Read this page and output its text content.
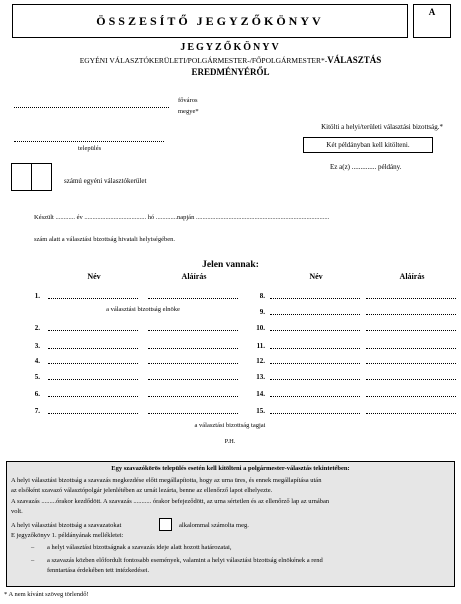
ÖSSZESÍTŐ JEGYZŐKÖNYV
A
JEGYZŐKÖNYV
EGYÉNI VÁLASZTÓKERÜLETI/POLGÁRMESTER-/FŐPOLGÁRMESTER*-VÁLASZTÁS
EREDMÉNYÉRŐL
főváros
megye*
Kitölti a helyi/területi választási bizottság.*
település	Két példányban kell kitölteni.
Ez a(z) .............. példány.
számú egyéni választókerület
Készült ............ év ...................................... hó .............napján ..................................................................................
szám alatt a választási bizottság hivatali helyiségében.
Jelen vannak:
Név	Aláírás	Név	Aláírás
1.
2.
3.
4.
5.
6.
7.
8.
9.
10.
11.
12.
13.
14.
15.
a választási bizottság elnöke
a választási bizottság tagjai
P.H.
Egy szavazókörös település esetén kell kitölteni a polgármester-választás tekintetében:
A helyi választási bizottság a szavazás megkezdése előtt megállapította, hogy az urna üres, és ennek megállapítása után
az elsőként szavazó választópolgár jelenlétében az urnát lezárta, benne az ellenőrző lapot elhelyezte.
A szavazás .........órakor kezdődött. A szavazás ........... órakor befejeződött, az urna sértetlen és az ellenőrző lap az urnában
volt.
A helyi választási bizottság a szavazatokat	alkalommal számolta meg.
E jegyzőkönyv 1. példányának mellékletei:
– a helyi választási bizottságnak a szavazás ideje alatt hozott határozatai,
– a szavazás közben előfordult fontosabb események, valamint a helyi választási bizottság elnökének a rend
fenntartása érdekében tett intézkedései.
* A nem kívánt szöveg törlendő!
